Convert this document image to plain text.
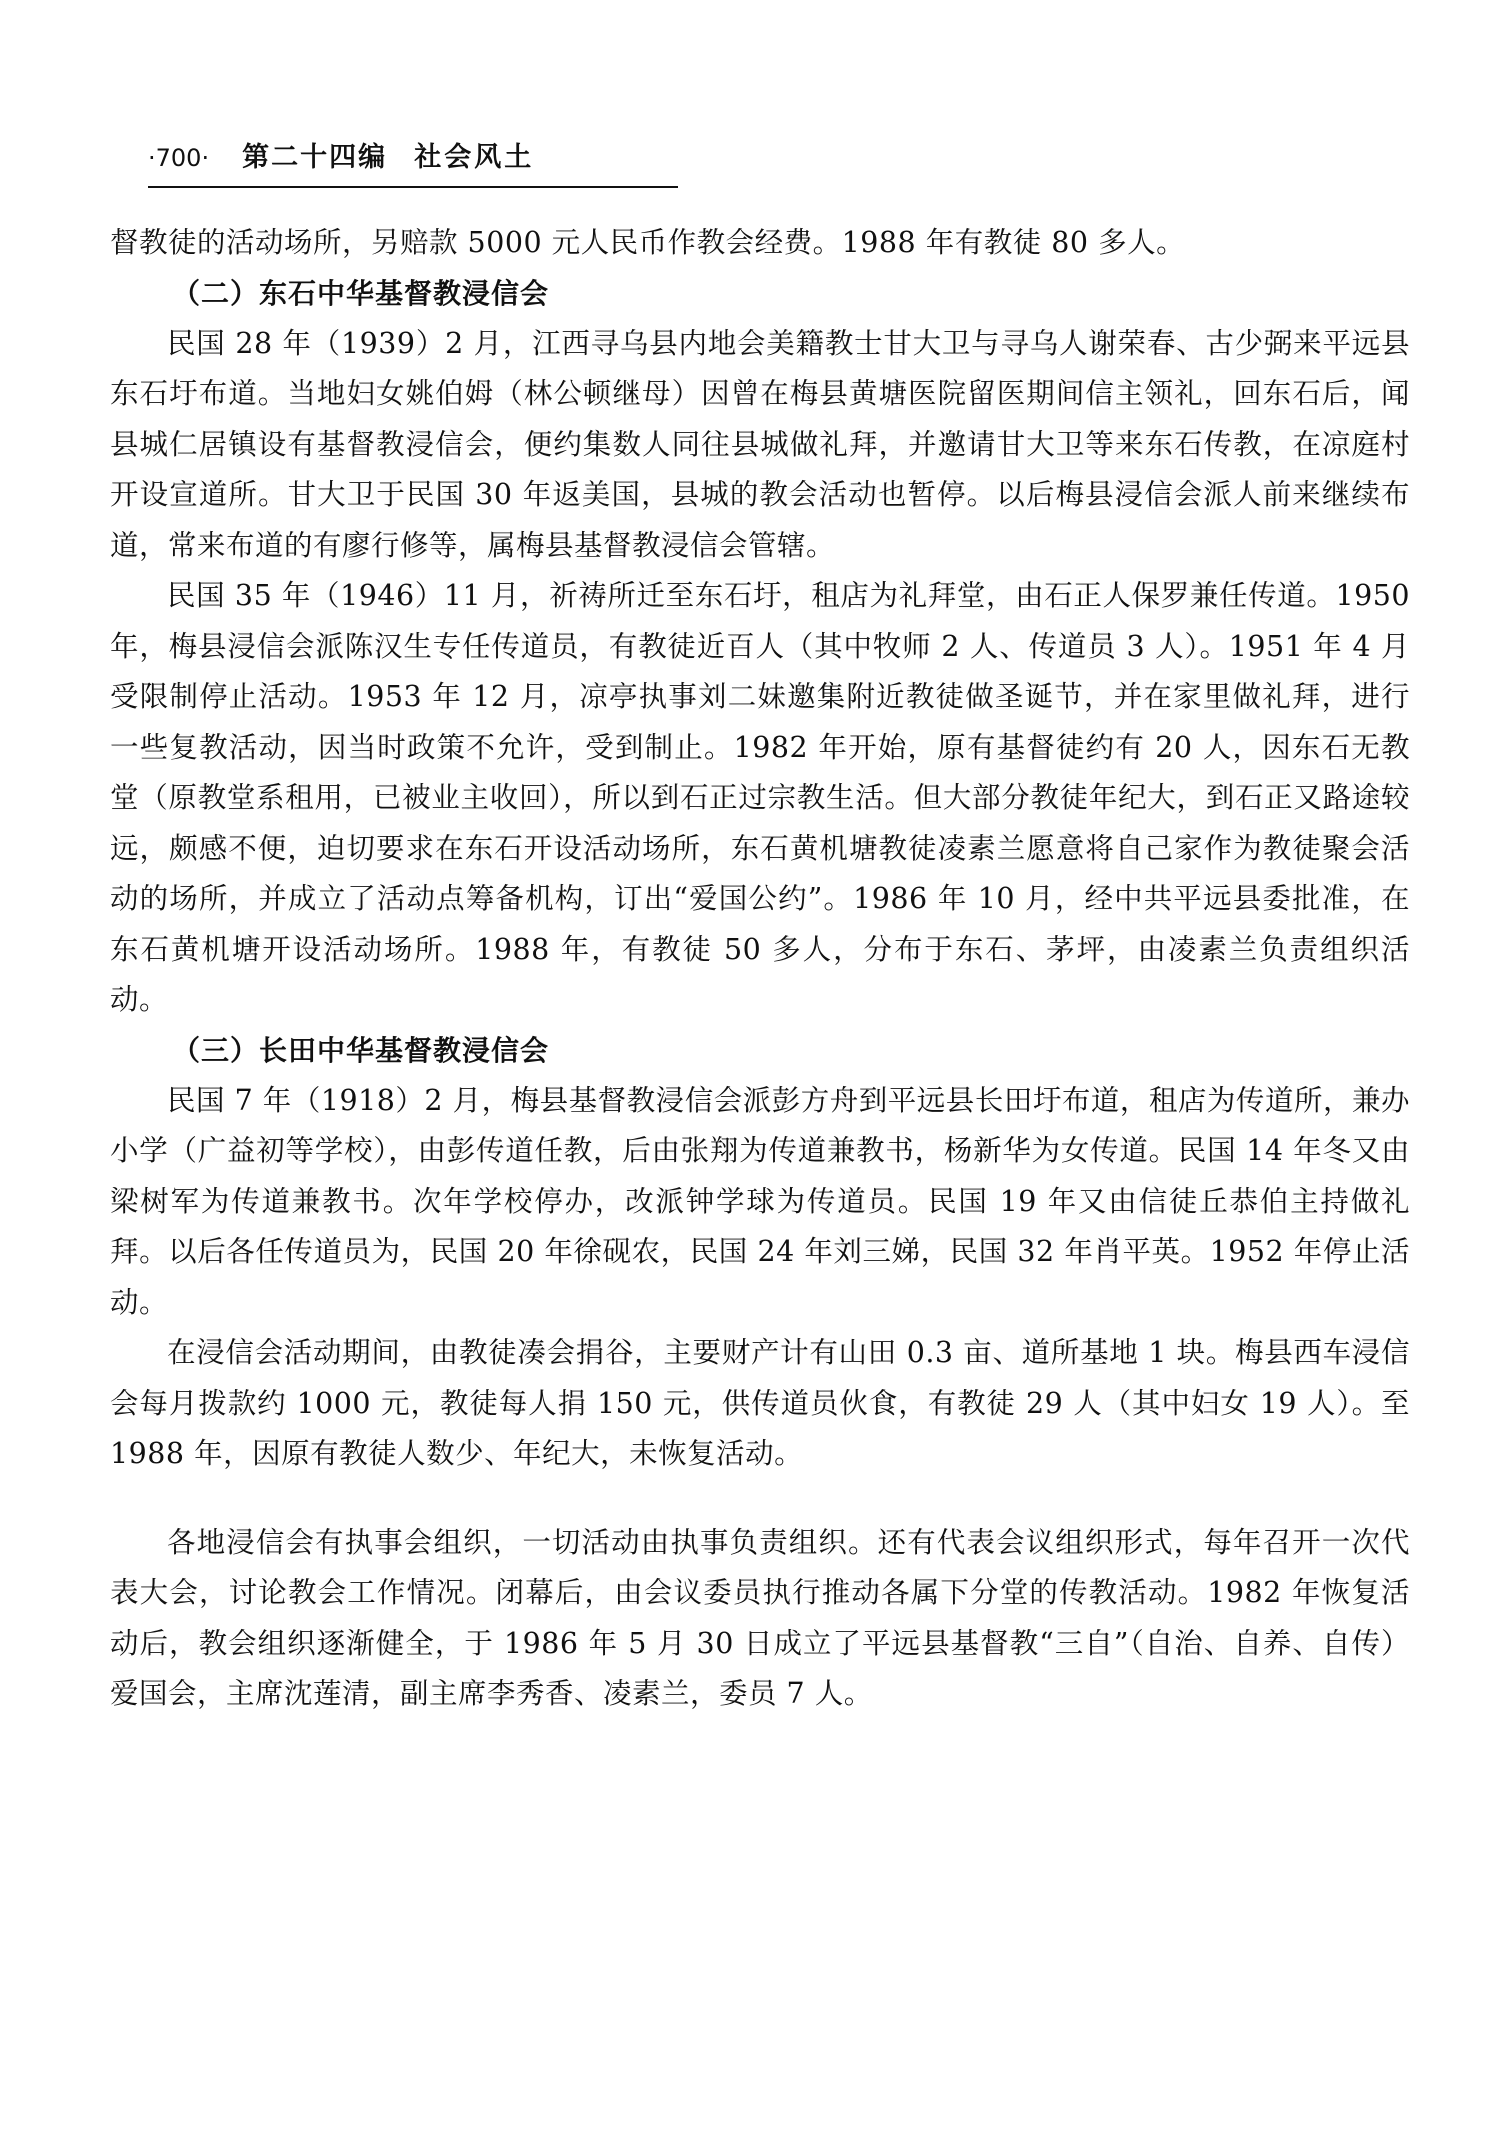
·700· 第二十四编 社会风土

督教徒的活动场所，另赔款 5000 元人民币作教会经费。1988 年有教徒 80 多人。

（二）东石中华基督教浸信会

民国 28 年（1939）2 月，江西寻乌县内地会美籍教士甘大卫与寻乌人谢荣春、古少弼来平远县东石圩布道。当地妇女姚伯姆（林公顿继母）因曾在梅县黄塘医院留医期间信主领礼，回东石后，闻县城仁居镇设有基督教浸信会，便约集数人同往县城做礼拜，并邀请甘大卫等来东石传教，在凉庭村开设宣道所。甘大卫于民国 30 年返美国，县城的教会活动也暂停。以后梅县浸信会派人前来继续布道，常来布道的有廖行修等，属梅县基督教浸信会管辖。

民国 35 年（1946）11 月，祈祷所迁至东石圩，租店为礼拜堂，由石正人保罗兼任传道。1950 年，梅县浸信会派陈汉生专任传道员，有教徒近百人（其中牧师 2 人、传道员 3 人）。1951 年 4 月受限制停止活动。1953 年 12 月，凉亭执事刘二妹邀集附近教徒做圣诞节，并在家里做礼拜，进行一些复教活动，因当时政策不允许，受到制止。1982 年开始，原有基督徒约有 20 人，因东石无教堂（原教堂系租用，已被业主收回），所以到石正过宗教生活。但大部分教徒年纪大，到石正又路途较远，颇感不便，迫切要求在东石开设活动场所，东石黄机塘教徒凌素兰愿意将自己家作为教徒聚会活动的场所，并成立了活动点筹备机构，订出“爱国公约”。1986 年 10 月，经中共平远县委批准，在东石黄机塘开设活动场所。1988 年，有教徒 50 多人，分布于东石、茅坪，由凌素兰负责组织活动。

（三）长田中华基督教浸信会

民国 7 年（1918）2 月，梅县基督教浸信会派彭方舟到平远县长田圩布道，租店为传道所，兼办小学（广益初等学校），由彭传道任教，后由张翔为传道兼教书，杨新华为女传道。民国 14 年冬又由梁树军为传道兼教书。次年学校停办，改派钟学球为传道员。民国 19 年又由信徒丘恭伯主持做礼拜。以后各任传道员为，民国 20 年徐砚农，民国 24 年刘三娣，民国 32 年肖平英。1952 年停止活动。

在浸信会活动期间，由教徒凑会捐谷，主要财产计有山田 0.3 亩、道所基地 1 块。梅县西车浸信会每月拨款约 1000 元，教徒每人捐 150 元，供传道员伙食，有教徒 29 人（其中妇女 19 人）。至 1988 年，因原有教徒人数少、年纪大，未恢复活动。

各地浸信会有执事会组织，一切活动由执事负责组织。还有代表会议组织形式，每年召开一次代表大会，讨论教会工作情况。闭幕后，由会议委员执行推动各属下分堂的传教活动。1982 年恢复活动后，教会组织逐渐健全，于 1986 年 5 月 30 日成立了平远县基督教“三自”（自治、自养、自传）爱国会，主席沈莲清，副主席李秀香、凌素兰，委员 7 人。
